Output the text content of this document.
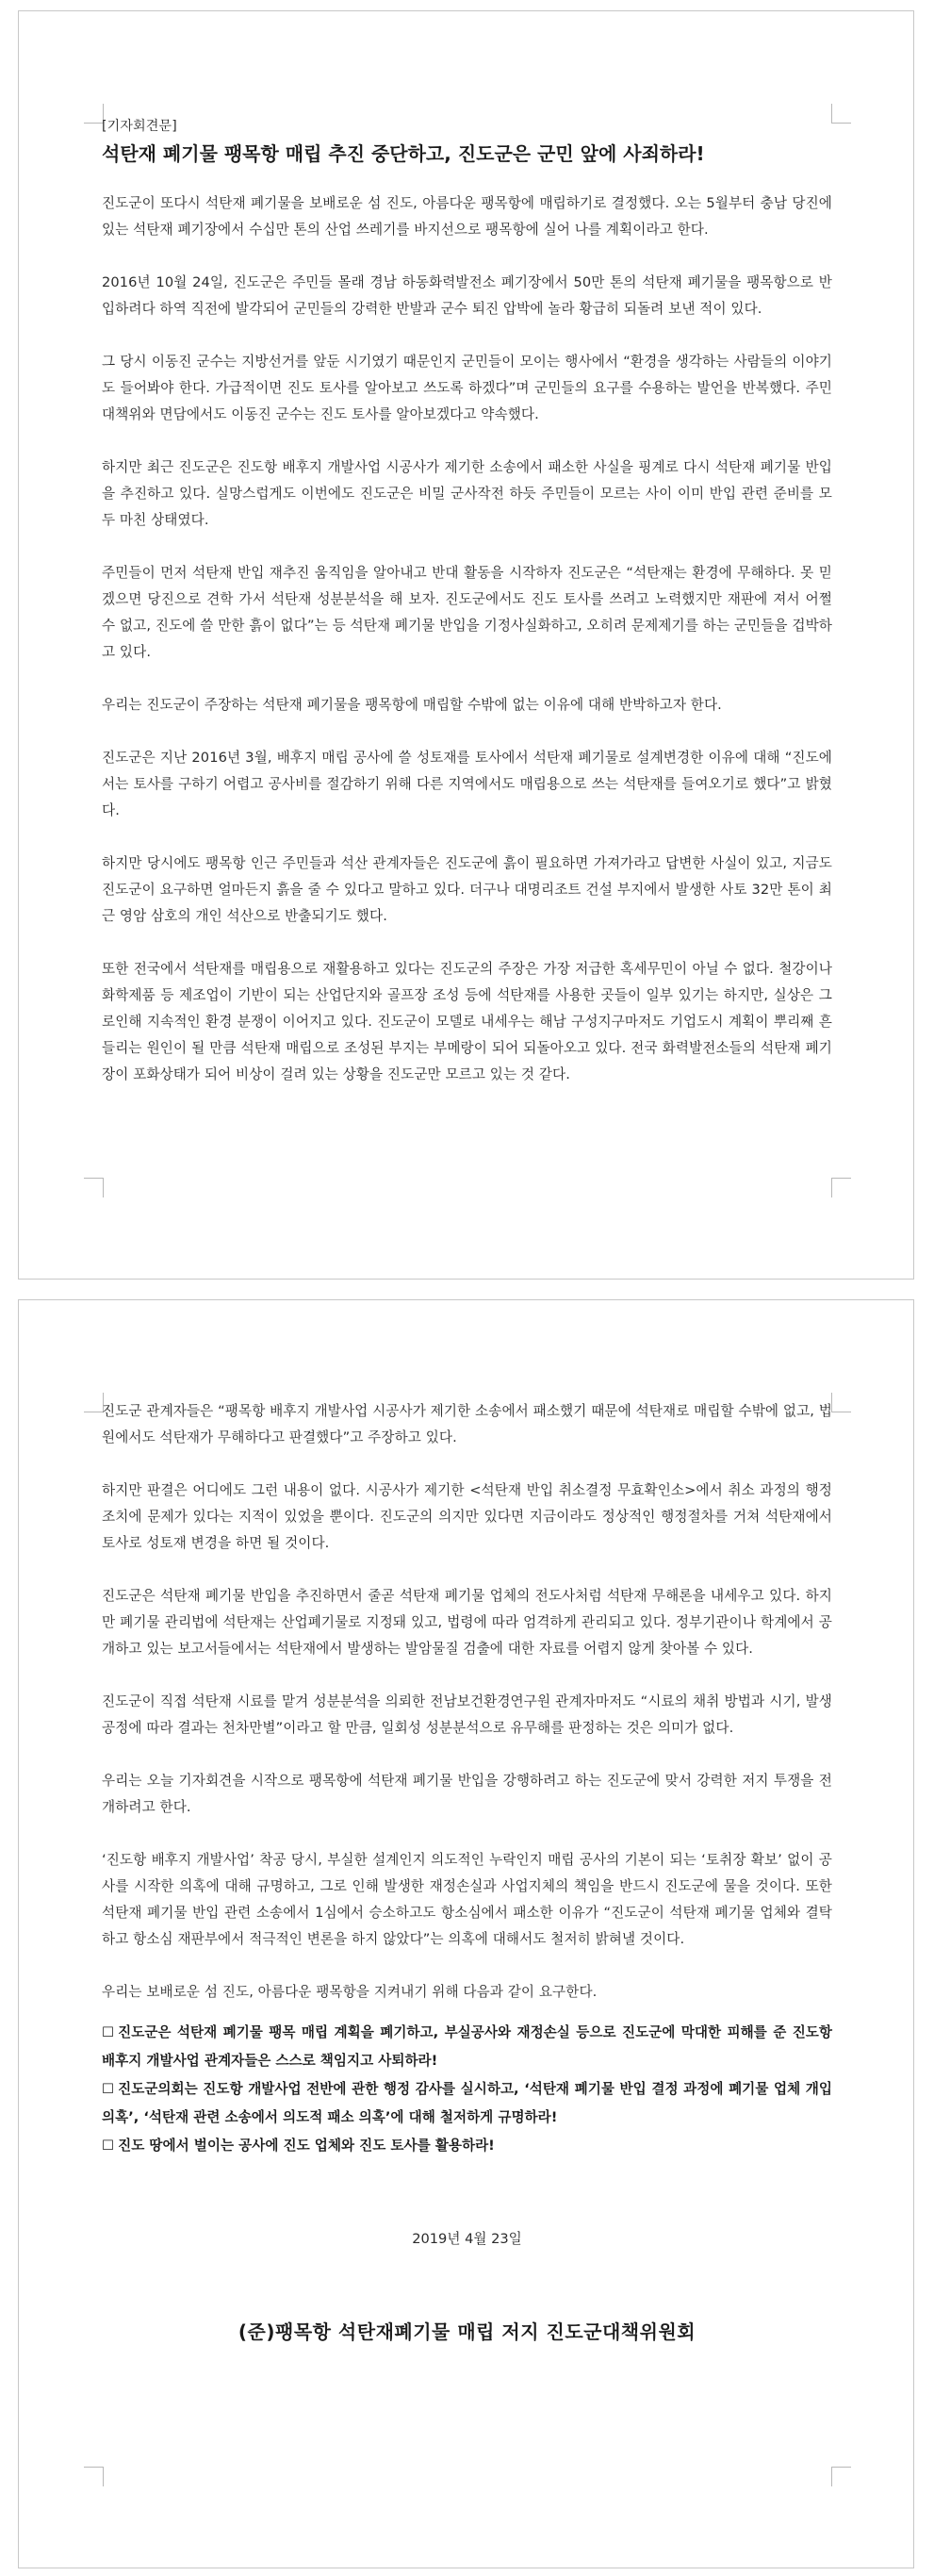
[기자회견문]
석탄재 폐기물 팽목항 매립 추진 중단하고, 진도군은 군민 앞에 사죄하라!

진도군이 또다시 석탄재 폐기물을 보배로운 섬 진도, 아름다운 팽목항에 매립하기로 결정했다. 오는 5월부터 충남 당진에 있는 석탄재 폐기장에서 수십만 톤의 산업 쓰레기를 바지선으로 팽목항에 실어 나를 계획이라고 한다.

2016년 10월 24일, 진도군은 주민들 몰래 경남 하동화력발전소 폐기장에서 50만 톤의 석탄재 폐기물을 팽목항으로 반입하려다 하역 직전에 발각되어 군민들의 강력한 반발과 군수 퇴진 압박에 놀라 황급히 되돌려 보낸 적이 있다.

그 당시 이동진 군수는 지방선거를 앞둔 시기였기 때문인지 군민들이 모이는 행사에서 “환경을 생각하는 사람들의 이야기도 들어봐야 한다. 가급적이면 진도 토사를 알아보고 쓰도록 하겠다”며 군민들의 요구를 수용하는 발언을 반복했다. 주민 대책위와 면담에서도 이동진 군수는 진도 토사를 알아보겠다고 약속했다.

하지만 최근 진도군은 진도항 배후지 개발사업 시공사가 제기한 소송에서 패소한 사실을 핑계로 다시 석탄재 폐기물 반입을 추진하고 있다. 실망스럽게도 이번에도 진도군은 비밀 군사작전 하듯 주민들이 모르는 사이 이미 반입 관련 준비를 모두 마친 상태였다.

주민들이 먼저 석탄재 반입 재추진 움직임을 알아내고 반대 활동을 시작하자 진도군은 “석탄재는 환경에 무해하다. 못 믿겠으면 당진으로 견학 가서 석탄재 성분분석을 해 보자. 진도군에서도 진도 토사를 쓰려고 노력했지만 재판에 져서 어쩔 수 없고, 진도에 쓸 만한 흙이 없다”는 등 석탄재 폐기물 반입을 기정사실화하고, 오히려 문제제기를 하는 군민들을 겁박하고 있다.

우리는 진도군이 주장하는 석탄재 폐기물을 팽목항에 매립할 수밖에 없는 이유에 대해 반박하고자 한다.

진도군은 지난 2016년 3월, 배후지 매립 공사에 쓸 성토재를 토사에서 석탄재 폐기물로 설계변경한 이유에 대해 “진도에서는 토사를 구하기 어렵고 공사비를 절감하기 위해 다른 지역에서도 매립용으로 쓰는 석탄재를 들여오기로 했다”고 밝혔다.

하지만 당시에도 팽목항 인근 주민들과 석산 관계자들은 진도군에 흙이 필요하면 가져가라고 답변한 사실이 있고, 지금도 진도군이 요구하면 얼마든지 흙을 줄 수 있다고 말하고 있다. 더구나 대명리조트 건설 부지에서 발생한 사토 32만 톤이 최근 영암 삼호의 개인 석산으로 반출되기도 했다.

또한 전국에서 석탄재를 매립용으로 재활용하고 있다는 진도군의 주장은 가장 저급한 혹세무민이 아닐 수 없다. 철강이나 화학제품 등 제조업이 기반이 되는 산업단지와 골프장 조성 등에 석탄재를 사용한 곳들이 일부 있기는 하지만, 실상은 그로인해 지속적인 환경 분쟁이 이어지고 있다. 진도군이 모델로 내세우는 해남 구성지구마저도 기업도시 계획이 뿌리째 흔들리는 원인이 될 만큼 석탄재 매립으로 조성된 부지는 부메랑이 되어 되돌아오고 있다. 전국 화력발전소들의 석탄재 폐기장이 포화상태가 되어 비상이 걸려 있는 상황을 진도군만 모르고 있는 것 같다.

진도군 관계자들은 “팽목항 배후지 개발사업 시공사가 제기한 소송에서 패소했기 때문에 석탄재로 매립할 수밖에 없고, 법원에서도 석탄재가 무해하다고 판결했다”고 주장하고 있다.

하지만 판결은 어디에도 그런 내용이 없다. 시공사가 제기한 <석탄재 반입 취소결정 무효확인소>에서 취소 과정의 행정조치에 문제가 있다는 지적이 있었을 뿐이다. 진도군의 의지만 있다면 지금이라도 정상적인 행정절차를 거쳐 석탄재에서 토사로 성토재 변경을 하면 될 것이다.

진도군은 석탄재 폐기물 반입을 추진하면서 줄곧 석탄재 폐기물 업체의 전도사처럼 석탄재 무해론을 내세우고 있다. 하지만 폐기물 관리법에 석탄재는 산업폐기물로 지정돼 있고, 법령에 따라 엄격하게 관리되고 있다. 정부기관이나 학계에서 공개하고 있는 보고서들에서는 석탄재에서 발생하는 발암물질 검출에 대한 자료를 어렵지 않게 찾아볼 수 있다.

진도군이 직접 석탄재 시료를 맡겨 성분분석을 의뢰한 전남보건환경연구원 관계자마저도 “시료의 채취 방법과 시기, 발생 공정에 따라 결과는 천차만별”이라고 할 만큼, 일회성 성분분석으로 유무해를 판정하는 것은 의미가 없다.

우리는 오늘 기자회견을 시작으로 팽목항에 석탄재 폐기물 반입을 강행하려고 하는 진도군에 맞서 강력한 저지 투쟁을 전개하려고 한다.

‘진도항 배후지 개발사업’ 착공 당시, 부실한 설계인지 의도적인 누락인지 매립 공사의 기본이 되는 ‘토취장 확보’ 없이 공사를 시작한 의혹에 대해 규명하고, 그로 인해 발생한 재정손실과 사업지체의 책임을 반드시 진도군에 물을 것이다. 또한 석탄재 폐기물 반입 관련 소송에서 1심에서 승소하고도 항소심에서 패소한 이유가 “진도군이 석탄재 폐기물 업체와 결탁하고 항소심 재판부에서 적극적인 변론을 하지 않았다”는 의혹에 대해서도 철저히 밝혀낼 것이다.

우리는 보배로운 섬 진도, 아름다운 팽목항을 지켜내기 위해 다음과 같이 요구한다.

☐ 진도군은 석탄재 폐기물 팽목 매립 계획을 폐기하고, 부실공사와 재정손실 등으로 진도군에 막대한 피해를 준 진도항 배후지 개발사업 관계자들은 스스로 책임지고 사퇴하라!
☐ 진도군의회는 진도항 개발사업 전반에 관한 행정 감사를 실시하고, ‘석탄재 폐기물 반입 결정 과정에 폐기물 업체 개입 의혹’, ‘석탄재 관련 소송에서 의도적 패소 의혹’에 대해 철저하게 규명하라!
☐ 진도 땅에서 벌이는 공사에 진도 업체와 진도 토사를 활용하라!
2019년 4월 23일
(준)팽목항 석탄재폐기물 매립 저지 진도군대책위원회
